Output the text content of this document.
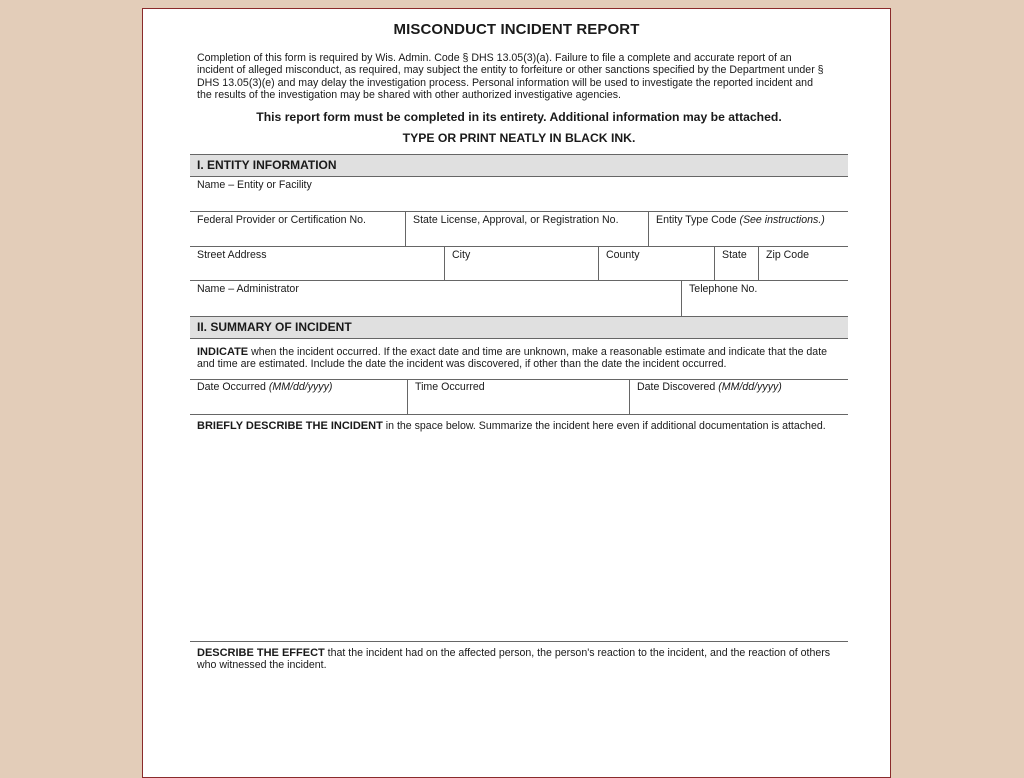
MISCONDUCT INCIDENT REPORT
Completion of this form is required by Wis. Admin. Code § DHS 13.05(3)(a). Failure to file a complete and accurate report of an incident of alleged misconduct, as required, may subject the entity to forfeiture or other sanctions specified by the Department under § DHS 13.05(3)(e) and may delay the investigation process. Personal information will be used to investigate the reported incident and the results of the investigation may be shared with other authorized investigative agencies.
This report form must be completed in its entirety. Additional information may be attached.
TYPE OR PRINT NEATLY IN BLACK INK.
I. ENTITY INFORMATION
Name – Entity or Facility
Federal Provider or Certification No.	State License, Approval, or Registration No.	Entity Type Code (See instructions.)
Street Address	City	County	State	Zip Code
Name – Administrator	Telephone No.
II. SUMMARY OF INCIDENT
INDICATE when the incident occurred. If the exact date and time are unknown, make a reasonable estimate and indicate that the date and time are estimated. Include the date the incident was discovered, if other than the date the incident occurred.
Date Occurred (MM/dd/yyyy)	Time Occurred	Date Discovered (MM/dd/yyyy)
BRIEFLY DESCRIBE THE INCIDENT in the space below. Summarize the incident here even if additional documentation is attached.
DESCRIBE THE EFFECT that the incident had on the affected person, the person's reaction to the incident, and the reaction of others who witnessed the incident.
